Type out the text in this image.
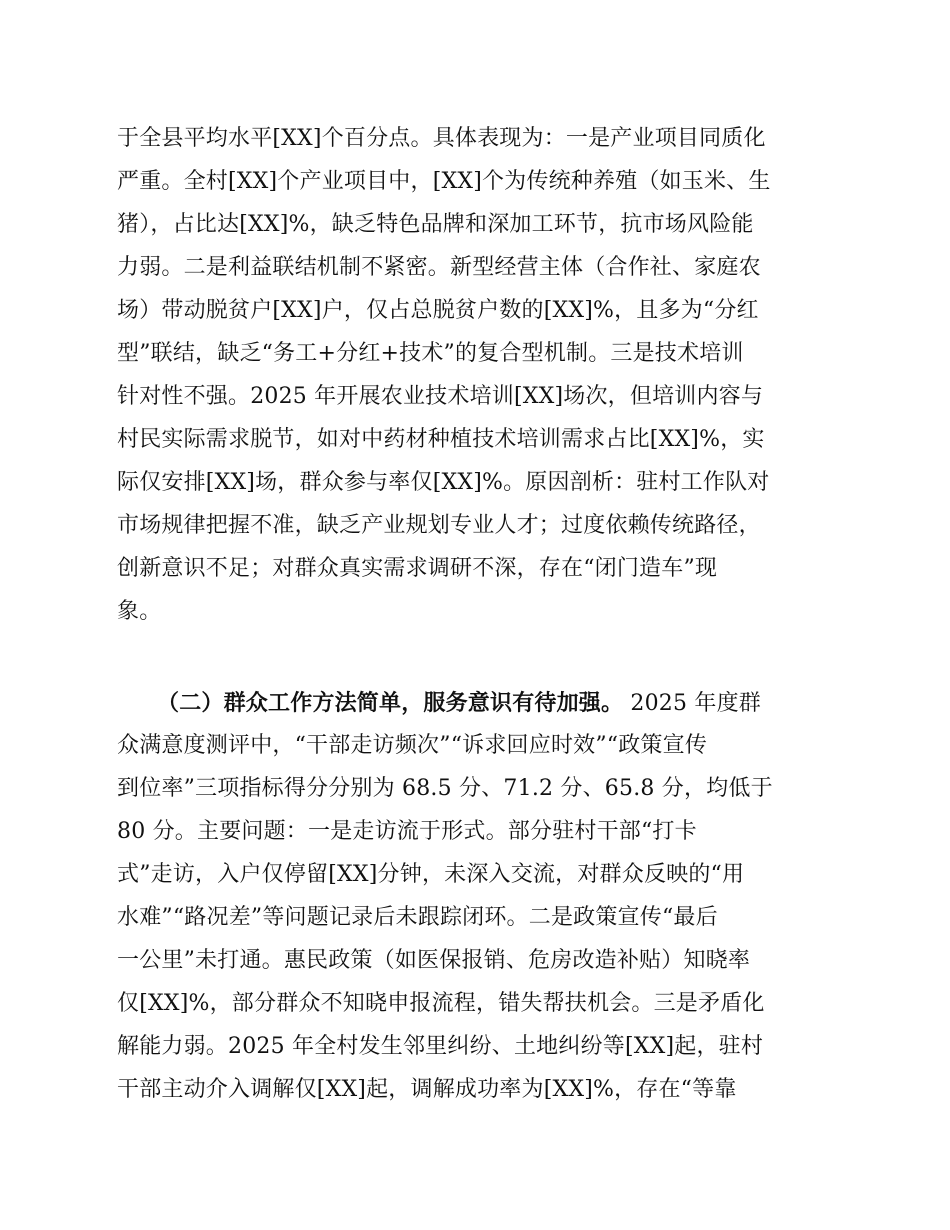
于全县平均水平[XX]个百分点。具体表现为：一是产业项目同质化
严重。全村[XX]个产业项目中，[XX]个为传统种养殖（如玉米、生
猪），占比达[XX]%，缺乏特色品牌和深加工环节，抗市场风险能
力弱。二是利益联结机制不紧密。新型经营主体（合作社、家庭农
场）带动脱贫户[XX]户，仅占总脱贫户数的[XX]%，且多为“分红
型”联结，缺乏“务工+分红+技术”的复合型机制。三是技术培训
针对性不强。2025 年开展农业技术培训[XX]场次，但培训内容与
村民实际需求脱节，如对中药材种植技术培训需求占比[XX]%，实
际仅安排[XX]场，群众参与率仅[XX]%。原因剖析：驻村工作队对
市场规律把握不准，缺乏产业规划专业人才；过度依赖传统路径，
创新意识不足；对群众真实需求调研不深，存在“闭门造车”现
象。
（二）群众工作方法简单，服务意识有待加强。 2025 年度群
众满意度测评中，“干部走访频次”“诉求回应时效”“政策宣传
到位率”三项指标得分分别为 68.5 分、71.2 分、65.8 分，均低于
80 分。主要问题：一是走访流于形式。部分驻村干部“打卡
式”走访，入户仅停留[XX]分钟，未深入交流，对群众反映的“用
水难”“路况差”等问题记录后未跟踪闭环。二是政策宣传“最后
一公里”未打通。惠民政策（如医保报销、危房改造补贴）知晓率
仅[XX]%，部分群众不知晓申报流程，错失帮扶机会。三是矛盾化
解能力弱。2025 年全村发生邻里纠纷、土地纠纷等[XX]起，驻村
干部主动介入调解仅[XX]起，调解成功率为[XX]%，存在“等靠
